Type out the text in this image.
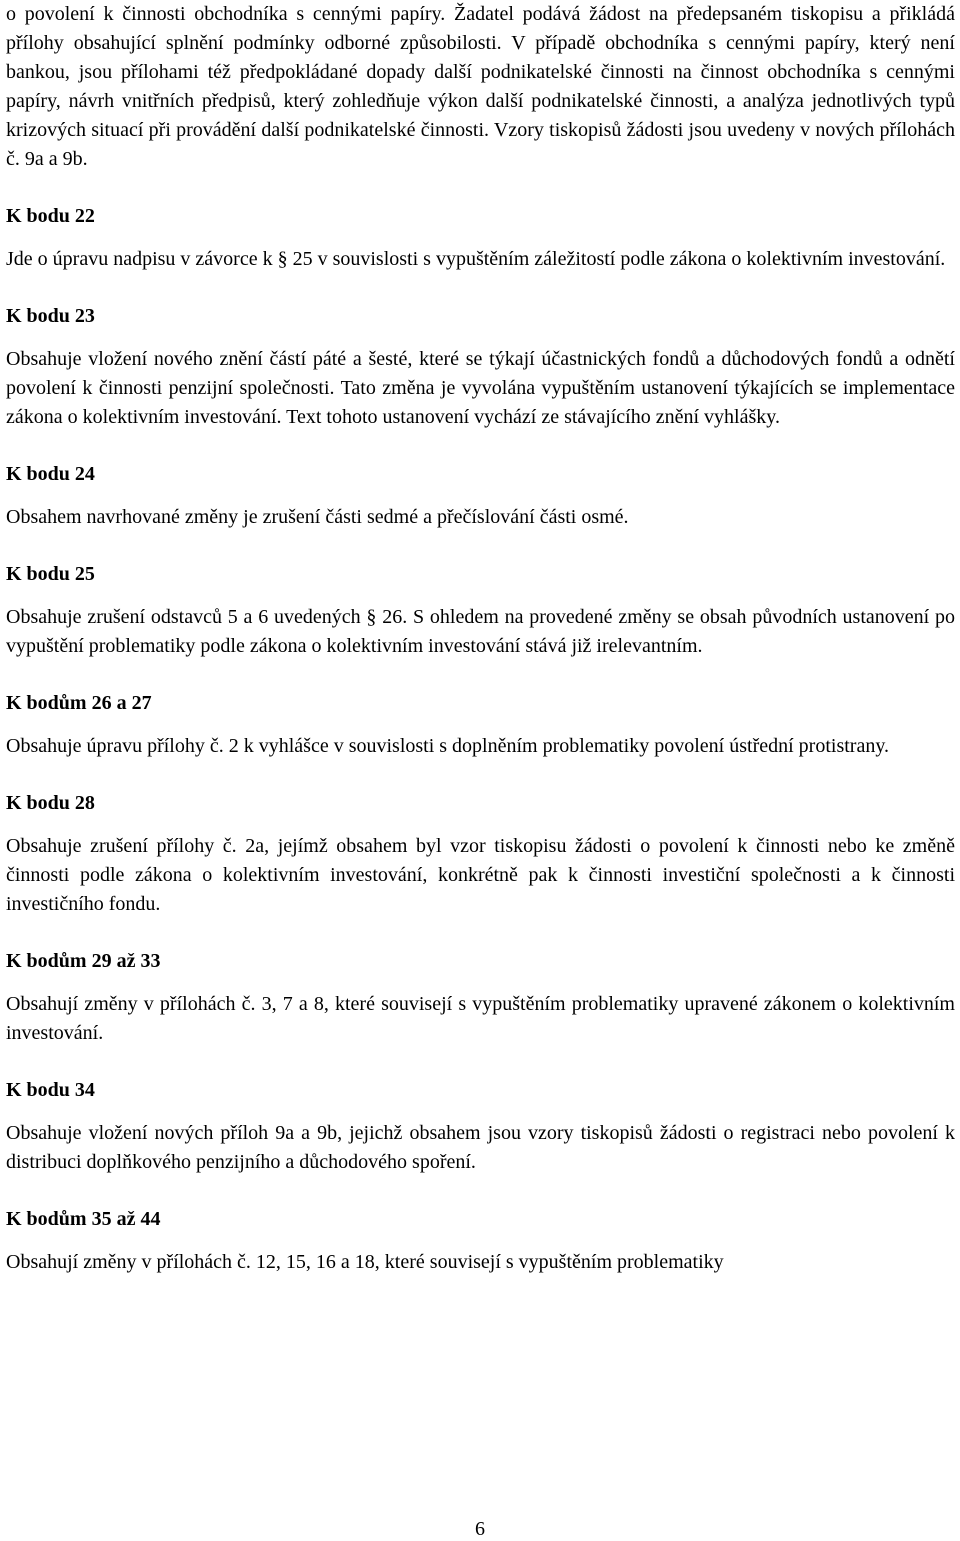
o povolení k činnosti obchodníka s cennými papíry. Žadatel podává žádost na předepsaném tiskopisu a přikládá přílohy obsahující splnění podmínky odborné způsobilosti. V případě obchodníka s cennými papíry, který není bankou, jsou přílohami též předpokládané dopady další podnikatelské činnosti na činnost obchodníka s cennými papíry, návrh vnitřních předpisů, který zohledňuje výkon další podnikatelské činnosti, a analýza jednotlivých typů krizových situací při provádění další podnikatelské činnosti. Vzory tiskopisů žádosti jsou uvedeny v nových přílohách č. 9a a 9b.

K bodu 22

Jde o úpravu nadpisu v závorce k § 25 v souvislosti s vypuštěním záležitostí podle zákona o kolektivním investování.

K bodu 23

Obsahuje vložení nového znění částí páté a šesté, které se týkají účastnických fondů a důchodových fondů a odnětí povolení k činnosti penzijní společnosti. Tato změna je vyvolána vypuštěním ustanovení týkajících se implementace zákona o kolektivním investování. Text tohoto ustanovení vychází ze stávajícího znění vyhlášky.

K bodu 24

Obsahem navrhované změny je zrušení části sedmé a přečíslování části osmé.

K bodu 25

Obsahuje zrušení odstavců 5 a 6 uvedených § 26. S ohledem na provedené změny se obsah původních ustanovení po vypuštění problematiky podle zákona o kolektivním investování stává již irelevantním.

K bodům 26 a 27

Obsahuje úpravu přílohy č. 2 k vyhlášce v souvislosti s doplněním problematiky povolení ústřední protistrany.

K bodu 28

Obsahuje zrušení přílohy č. 2a, jejímž obsahem byl vzor tiskopisu žádosti o povolení k činnosti nebo ke změně činnosti podle zákona o kolektivním investování, konkrétně pak k činnosti investiční společnosti a k činnosti investičního fondu.

K bodům 29 až 33

Obsahují změny v přílohách č. 3, 7 a 8, které souvisejí s vypuštěním problematiky upravené zákonem o kolektivním investování.

K bodu 34

Obsahuje vložení nových příloh 9a a 9b, jejichž obsahem jsou vzory tiskopisů žádosti o registraci nebo povolení k distribuci doplňkového penzijního a důchodového spoření.

K bodům 35 až 44

Obsahují změny v přílohách č. 12, 15, 16 a 18, které souvisejí s vypuštěním problematiky

6
